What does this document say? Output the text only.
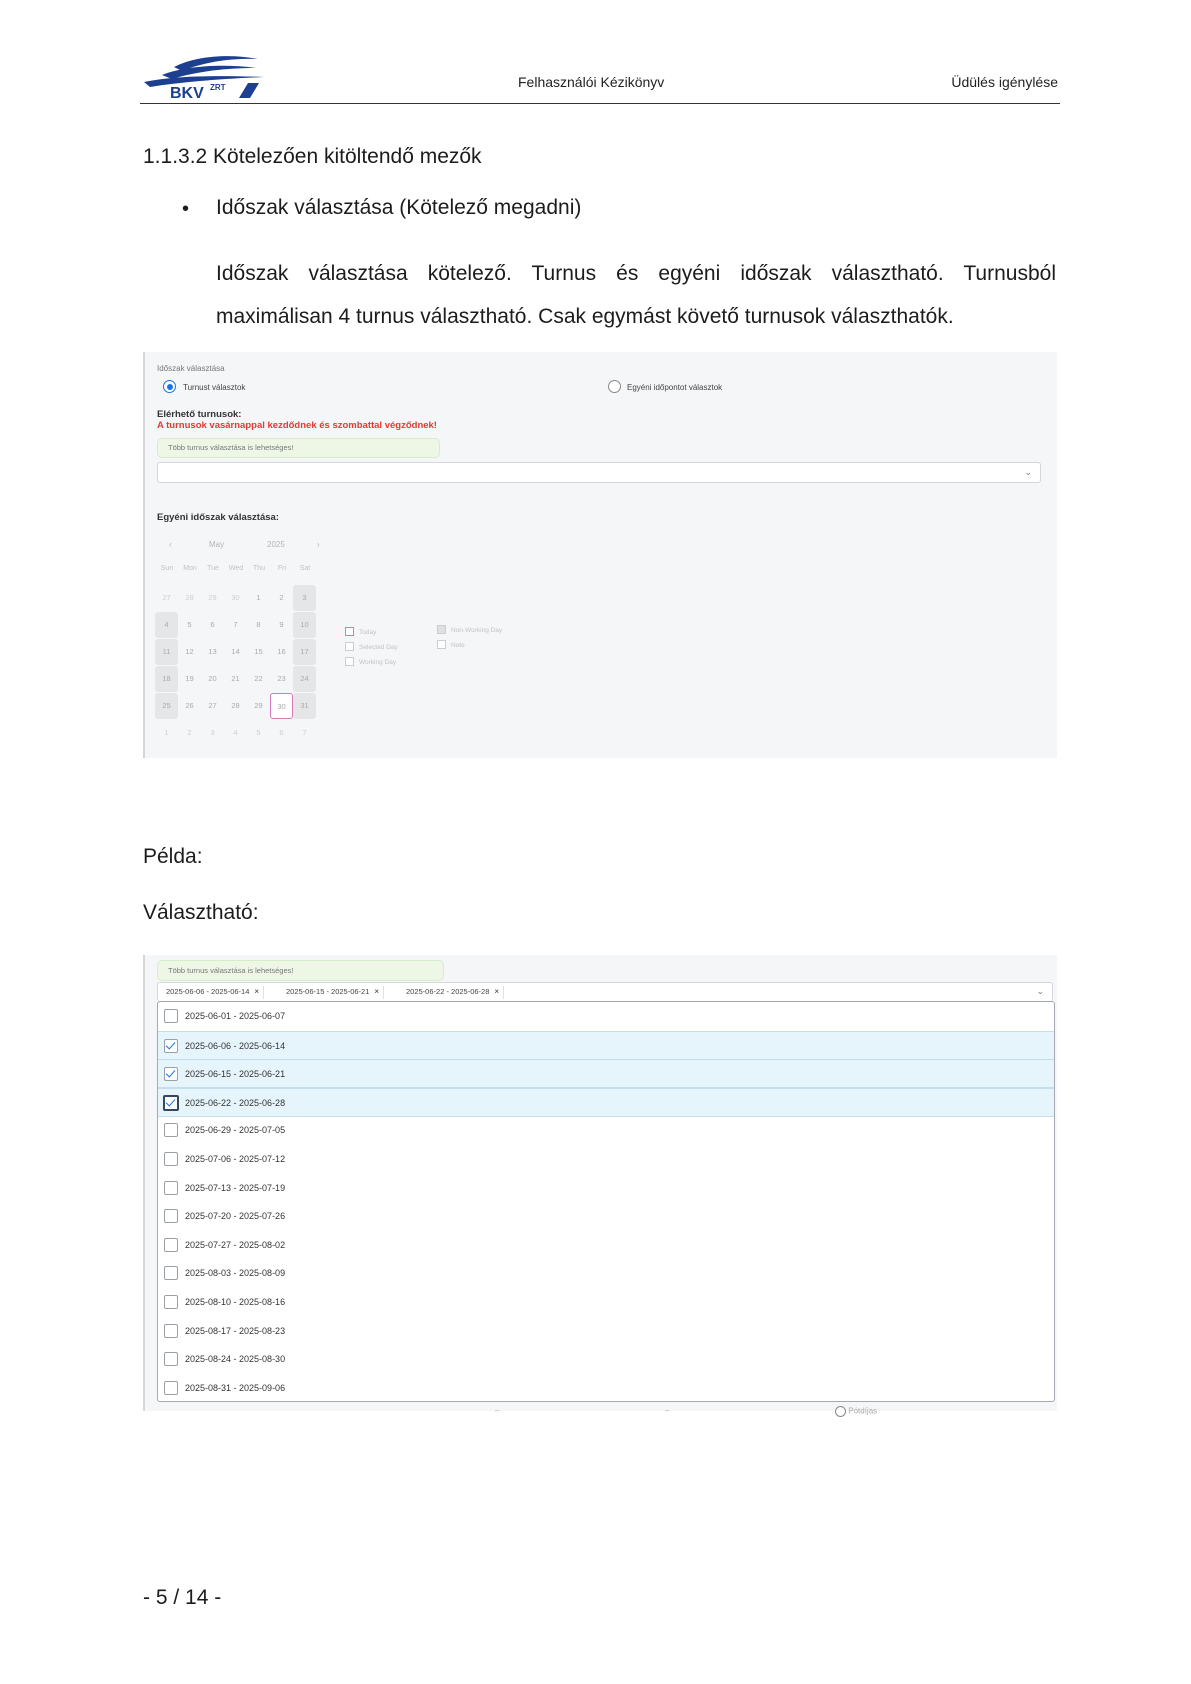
BKV ZRT	Felhasználói Kézikönyv	Üdülés igénylése
1.1.3.2 Kötelezően kitöltendő mezők
• Időszak választása (Kötelező megadni)
Időszak választása kötelező. Turnus és egyéni időszak választható. Turnusból maximálisan 4 turnus választható. Csak egymást követő turnusok választhatók.
Időszak választása
Turnust választok	Egyéni időpontot választok
Elérhető turnusok:
A turnusok vasárnappal kezdődnek és szombattal végződnek!
Több turnus választása is lehetséges!
⌄
Egyéni időszak választása:
‹	May	2025	›
Sun	Mon	Tue	Wed	Thu	Fri	Sat
27	28	29	30	1	2	3
4	5	6	7	8	9	10
11	12	13	14	15	16	17
18	19	20	21	22	23	24
25	26	27	28	29	30	31
1	2	3	4	5	6	7
Today
Selected Day
Working Day
Non-Working Day
Note
Példa:
Választható:
Több turnus választása is lehetséges!
2025-06-06 - 2025-06-14 ×	2025-06-15 - 2025-06-21 ×	2025-06-22 - 2025-06-28 ×	⌄
2025-06-01 - 2025-06-07
2025-06-06 - 2025-06-14
2025-06-15 - 2025-06-21
2025-06-22 - 2025-06-28
2025-06-29 - 2025-07-05
2025-07-06 - 2025-07-12
2025-07-13 - 2025-07-19
2025-07-20 - 2025-07-26
2025-07-27 - 2025-08-02
2025-08-03 - 2025-08-09
2025-08-10 - 2025-08-16
2025-08-17 - 2025-08-23
2025-08-24 - 2025-08-30
2025-08-31 - 2025-09-06
–	–	Pótdíjas
- 5 / 14 -
